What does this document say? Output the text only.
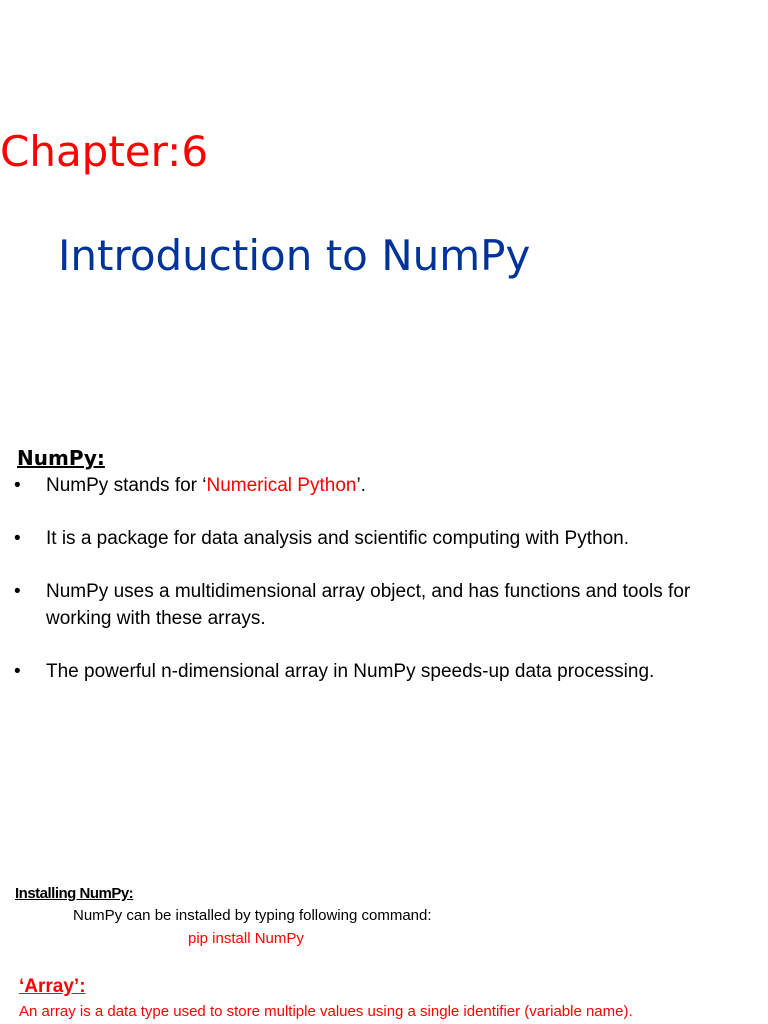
Chapter:6
Introduction to NumPy
NumPy:
• NumPy stands for ‘Numerical Python’.
• It is a package for data analysis and scientific computing with Python.
• NumPy uses a multidimensional array object, and has functions and tools for working with these arrays.
• The powerful n-dimensional array in NumPy speeds-up data processing.
Installing NumPy:
NumPy can be installed by typing following command:
pip install NumPy
‘Array’:
An array is a data type used to store multiple values using a single identifier (variable name).
